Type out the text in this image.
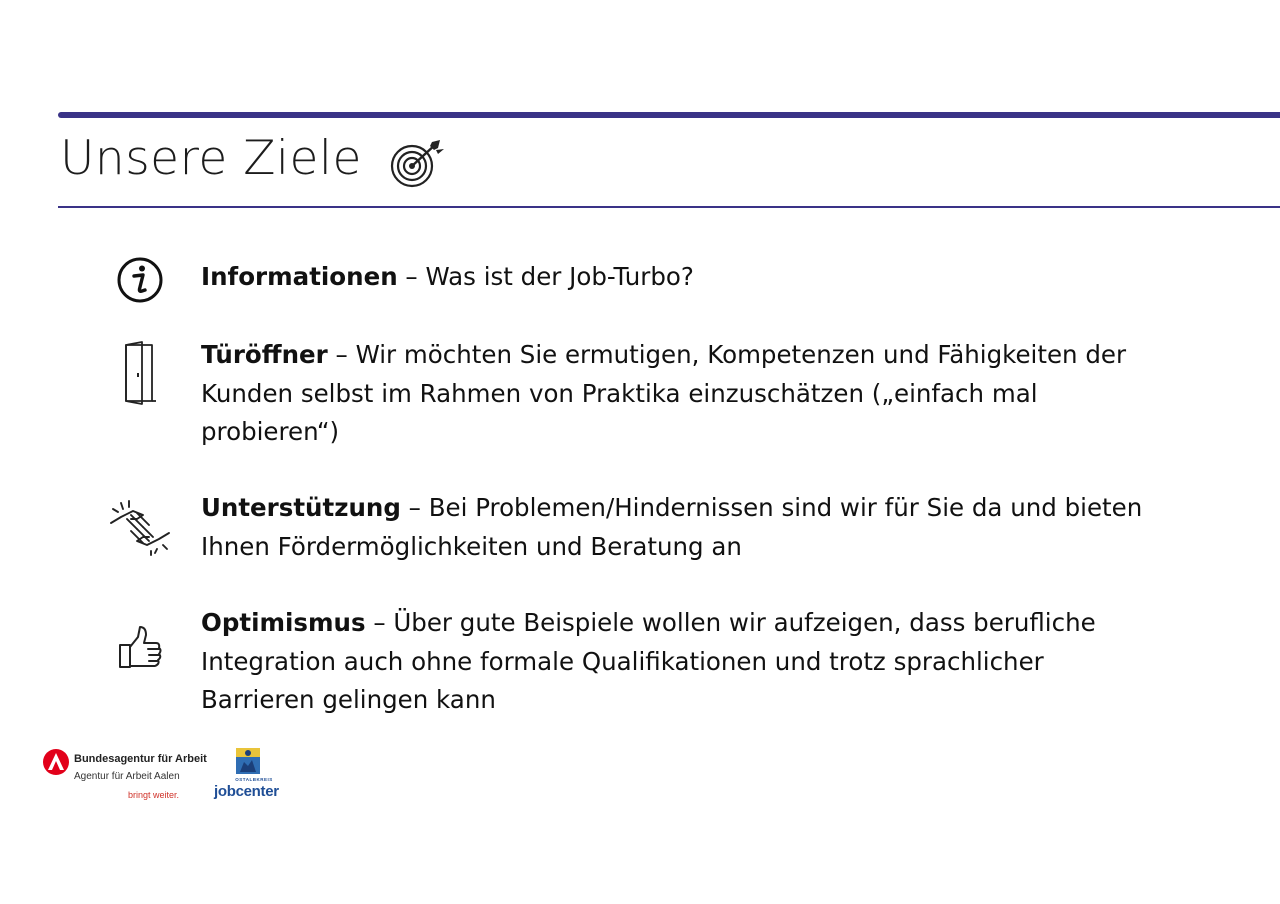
Unsere Ziele

Informationen – Was ist der Job-Turbo?

Türöffner – Wir möchten Sie ermutigen, Kompetenzen und Fähigkeiten der Kunden selbst im Rahmen von Praktika einzuschätzen („einfach mal probieren“)

Unterstützung – Bei Problemen/Hindernissen sind wir für Sie da und bieten Ihnen Fördermöglichkeiten und Beratung an

Optimismus – Über gute Beispiele wollen wir aufzeigen, dass berufliche Integration auch ohne formale Qualifikationen und trotz sprachlicher Barrieren gelingen kann

Bundesagentur für Arbeit
Agentur für Arbeit Aalen
bringt weiter.
OSTALBKREIS
jobcenter
